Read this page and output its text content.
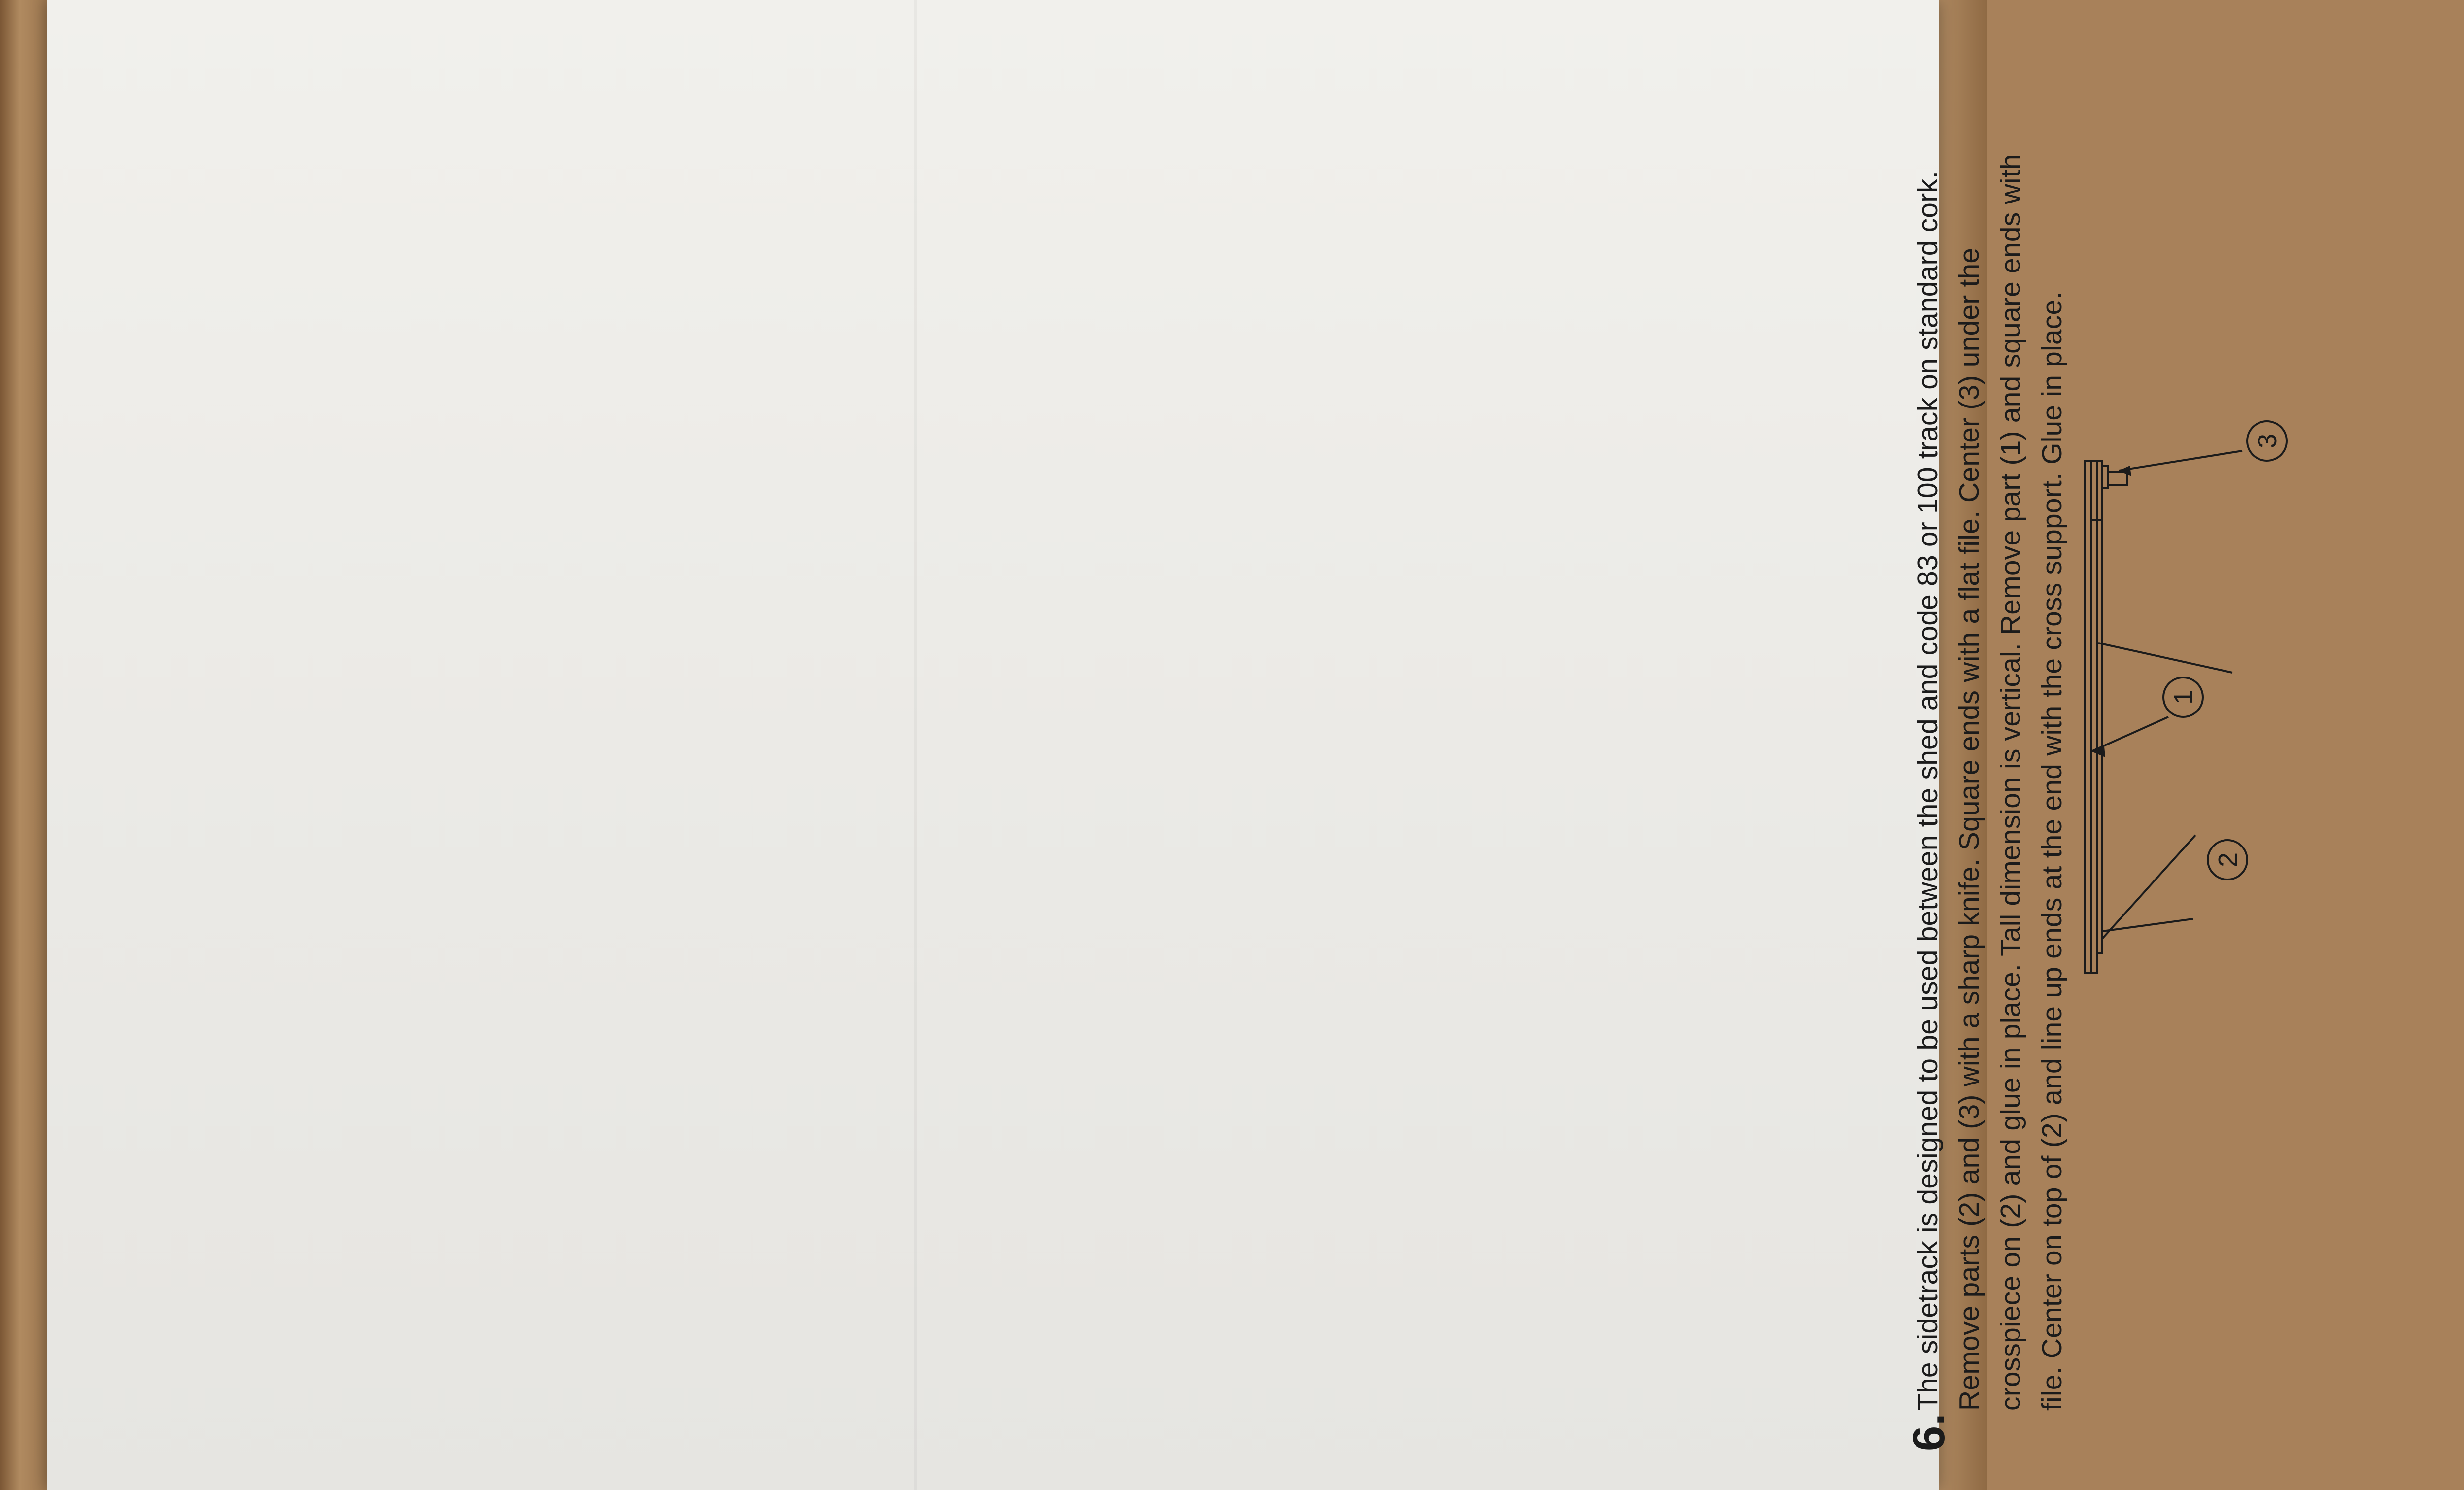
6.
The sidetrack is designed to be used between the shed and code 83 or 100 track on standard cork. Remove parts (2) and (3) with a sharp knife. Square ends with a flat file. Center (3) under the crosspiece on (2) and glue in place. Tall dimension is vertical. Remove part (1) and square ends with file. Center on top of (2) and line up ends at the end with the cross support. Glue in place.	1
2
3
